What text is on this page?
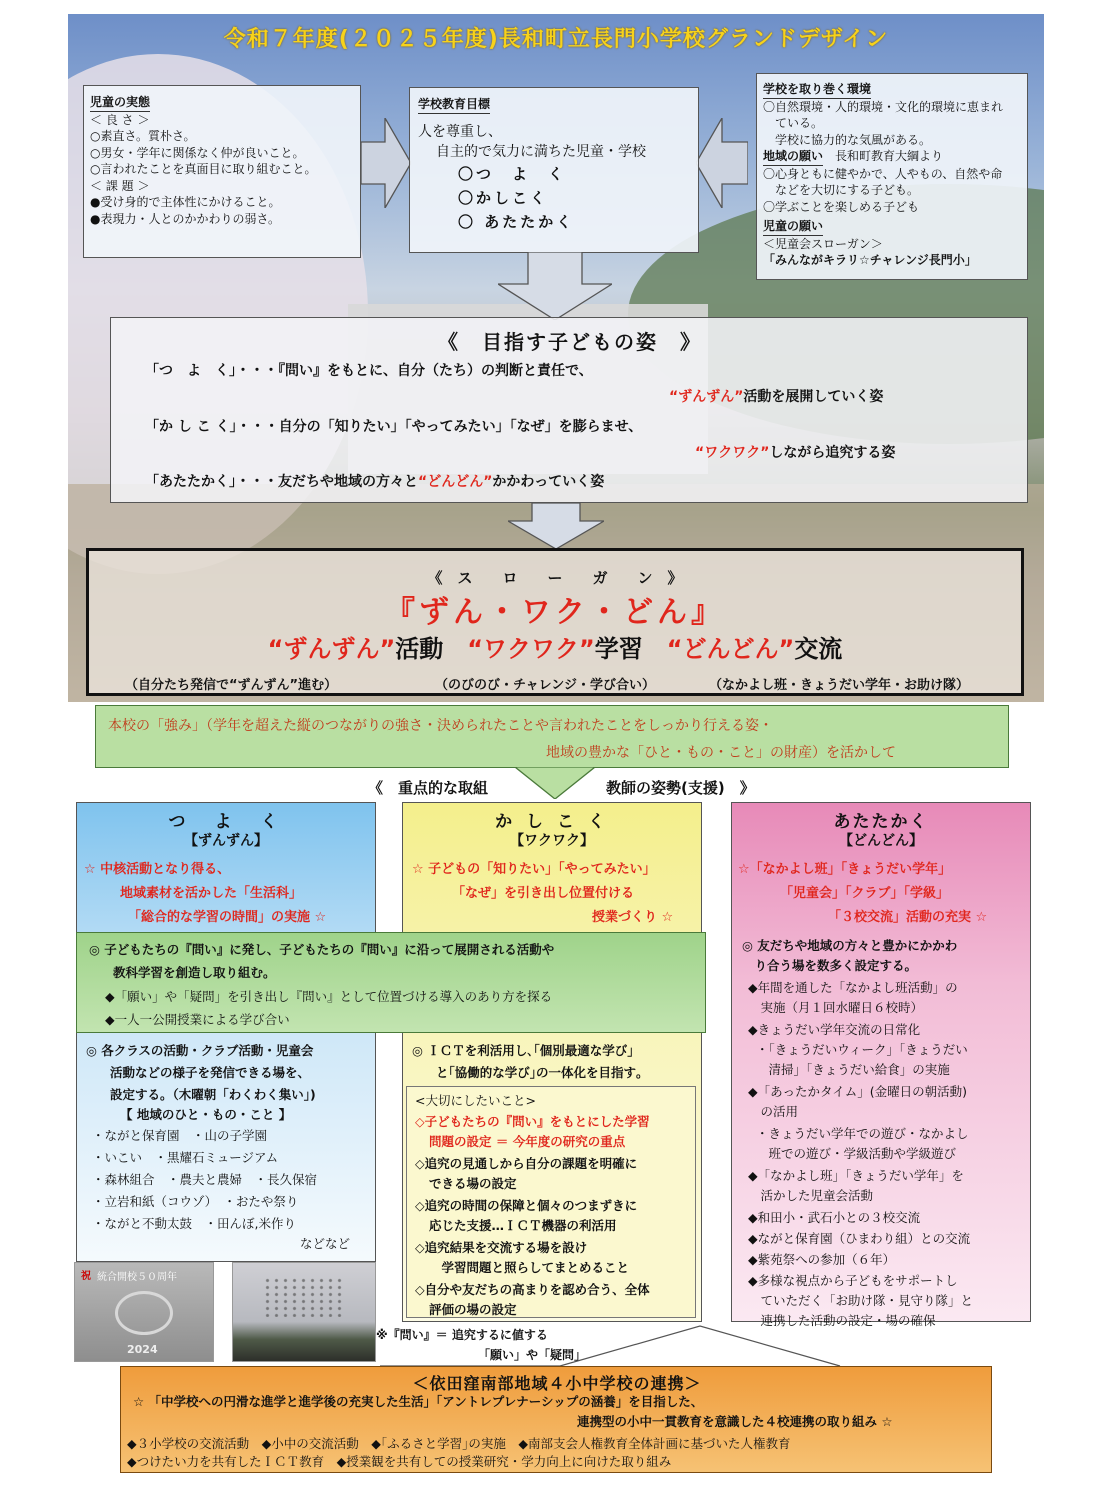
令和７年度(２０２５年度)長和町立長門小学校グランドデザイン
児童の実態
＜ 良 さ ＞
○素直さ。質朴さ。
○男女・学年に関係なく仲が良いこと。
○言われたことを真面目に取り組むこと。
＜ 課 題 ＞
●受け身的で主体性にかけること。
●表現力・人とのかかわりの弱さ。
学校教育目標
人を尊重し、
自主的で気力に満ちた児童・学校
〇つ　よ　く
〇かしこく
〇 あたたかく
学校を取り巻く環境
〇自然環境・人的環境・文化的環境に恵まれ
　ている。
　学校に協力的な気風がある。
地域の願い　 長和町教育大綱より
〇心身ともに健やかで、人やもの、自然や命
　などを大切にする子ども。
〇学ぶことを楽しめる子ども
児童の願い
＜児童会スローガン＞
「みんながキラリ☆チャレンジ長門小」
《　目指す子どもの姿　》
「つ　よ　く」・・・『問い』をもとに、自分（たち）の判断と責任で、
“ずんずん”活動を展開していく姿
「か し こ く」・・・自分の「知りたい」「やってみたい」「なぜ」を膨らませ、
“ワクワク”しながら追究する姿
「あたたかく」・・・友だちや地域の方々と“どんどん”かかわっていく姿
《　ス　　ロ　　ー　　ガ　　ン　》
『ずん・ワク・どん』
“ずんずん”活動　 “ワクワク”学習　 “どんどん”交流
（自分たち発信で“ずんずん”進む）	（のびのび・チャレンジ・学び合い）	（なかよし班・きょうだい学年・お助け隊）
本校の「強み」（学年を超えた縦のつながりの強さ・決められたことや言われたことをしっかり行える姿・
地域の豊かな「ひと・もの・こと」の財産）を活かして
《　重点的な取組	教師の姿勢(支援)　》
つ　よ　く
【ずんずん】
☆ 中核活動となり得る、
地域素材を活かした「生活科」
「総合的な学習の時間」の実施 ☆
か し こ く
【ワクワク】
☆ 子どもの「知りたい」「やってみたい」
「なぜ」を引き出し位置付ける
授業づくり ☆
あたたかく
【どんどん】
☆「なかよし班」「きょうだい学年」
「児童会」「クラブ」「学級」
「３校交流」活動の充実 ☆
◎ 子どもたちの『問い』に発し、子どもたちの『問い』に沿って展開される活動や
教科学習を創造し取り組む。
◆「願い」や「疑問」を引き出し『問い』として位置づける導入のあり方を探る
◆一人一公開授業による学び合い
◎ 各クラスの活動・クラブ活動・児童会
活動などの様子を発信できる場を、
設定する。（木曜朝「わくわく集い」)
【 地域のひと・もの・こと 】
・ながと保育園　・山の子学園
・いこい　・黒耀石ミュージアム
・森林組合　・農夫と農婦　・長久保宿
・立岩和紙（コウゾ）　・おたや祭り
・ながと不動太鼓　・田んぼ,米作り
などなど
祝 統合開校５０周年
2024
◎ ＩＣＴを利活用し､｢個別最適な学び｣
と｢協働的な学び｣の一体化を目指す｡
<大切にしたいこと>
◇子どもたちの『問い』をもとにした学習
問題の設定 ＝ 今年度の研究の重点
◇追究の見通しから自分の課題を明確に
できる場の設定
◇追究の時間の保障と個々のつまずきに
応じた支援…ＩＣＴ機器の利活用
◇追究結果を交流する場を設け
　学習問題と照らしてまとめること
◇自分や友だちの高まりを認め合う、全体
評価の場の設定
◎ 友だちや地域の方々と豊かにかかわ
　り合う場を数多く設定する。
◆年間を通した「なかよし班活動」の
　実施（月１回水曜日６校時）
◆きょうだい学年交流の日常化
・「きょうだいウィーク」「きょうだい
　清掃」「きょうだい給食」の実施
◆「あったかタイム」(金曜日の朝活動)
　の活用
・きょうだい学年での遊び・なかよし
　班での遊び・学級活動や学級遊び
◆「なかよし班」「きょうだい学年」を
　活かした児童会活動
◆和田小・武石小との３校交流
◆ながと保育園（ひまわり組）との交流
◆紫苑祭への参加（６年）
◆多様な視点から子どもをサポートし
　ていただく「お助け隊・見守り隊」と
　連携した活動の設定・場の確保
※『問い』＝ 追究するに値する
「願い」や「疑問」
＜依田窪南部地域４小中学校の連携＞
☆ 「中学校への円滑な進学と進学後の充実した生活」「アントレプレナーシップの涵養」を目指した、
連携型の小中一貫教育を意識した４校連携の取り組み ☆
◆３小学校の交流活動　◆小中の交流活動　◆｢ふるさと学習｣の実施　◆南部支会人権教育全体計画に基づいた人権教育
◆つけたい力を共有したＩＣＴ教育　◆授業観を共有しての授業研究・学力向上に向けた取り組み
